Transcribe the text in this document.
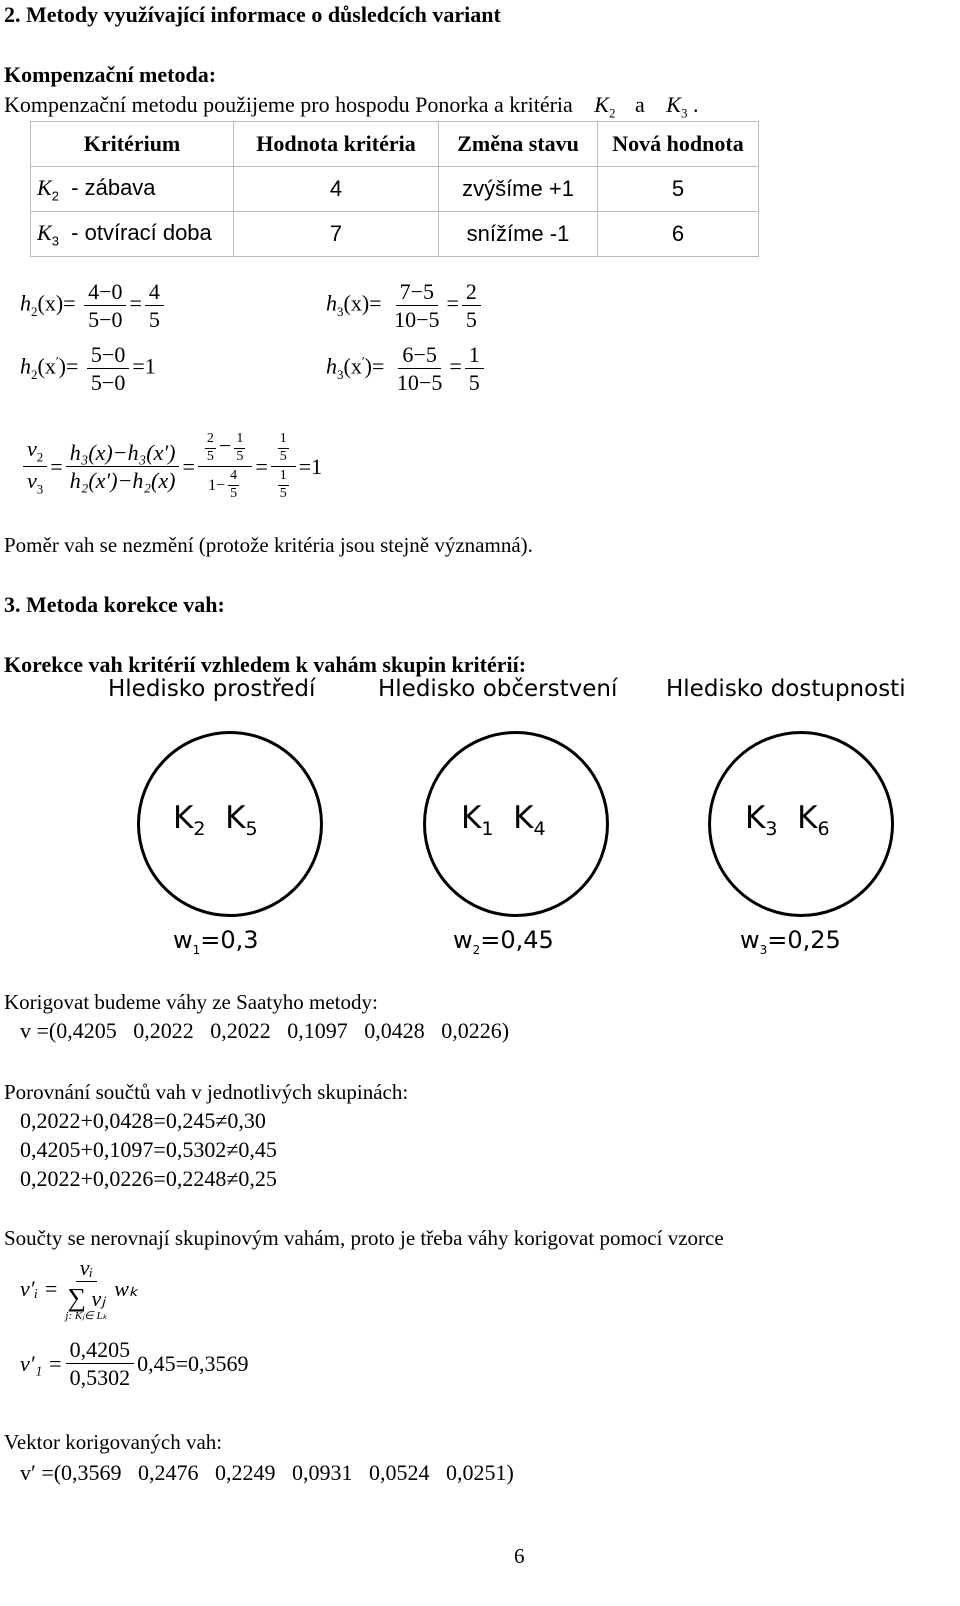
2. Metody využívající informace o důsledcích variant
Kompenzační metoda:
Kompenzační metodu použijeme pro hospodu Ponorka a kritéria $K_2$ a $K_3$ .
Kritérium	Hodnota kritéria	Změna stavu	Nová hodnota
$K_2$ - zábava	4	zvýšíme +1	5
$K_3$ - otvírací doba	7	snížíme -1	6
$h_2(x)= \frac{4-0}{5-0} = \frac{4}{5}$
$h_2(x')= \frac{5-0}{5-0} =1$
$h_3(x)= \frac{7-5}{10-5} = \frac{2}{5}$
$h_3(x')= \frac{6-5}{10-5} = \frac{1}{5}$
$\frac{v_2}{v_3} = \frac{\text{h₃(x)−h₃(x′)}}{\text{h₂(x′)−h₂(x)}} = \frac{\frac{2}{5} - \frac{1}{5}}{1- \frac{4}{5}} = \frac{\frac{1}{5}}{\frac{1}{5}} =1$
Poměr vah se nezmění (protože kritéria jsou stejně významná).
3. Metoda korekce vah:
Korekce vah kritérií vzhledem k vahám skupin kritérií:
Hledisko prostředí	Hledisko občerstvení Hledisko dostupnosti
$K_2$ $K_5$	$K_1$ $K_4$	$K_3$ $K_6$
$w_1=0,3$	$w_2=0,45$	$w_3=0,25$
Korigovat budeme váhy ze Saatyho metody:
v =(0,4205   0,2022   0,2022   0,1097   0,0428   0,0226)
Porovnání součtů vah v jednotlivých skupinách:
0,2022+0,0428=0,245≠0,30
0,4205+0,1097=0,5302≠0,45
0,2022+0,0226=0,2248≠0,25
Součty se nerovnají skupinovým vahám, proto je třeba váhy korigovat pomocí vzorce
v′ᵢ = vᵢ
∑ vⱼ
j: Kⱼ∈ Lₖ wₖ
$v'_1 = \frac{0,4205}{0,5302} 0,45=0,3569$
Vektor korigovaných vah:
v′ =(0,3569   0,2476   0,2249   0,0931   0,0524   0,0251)
6
